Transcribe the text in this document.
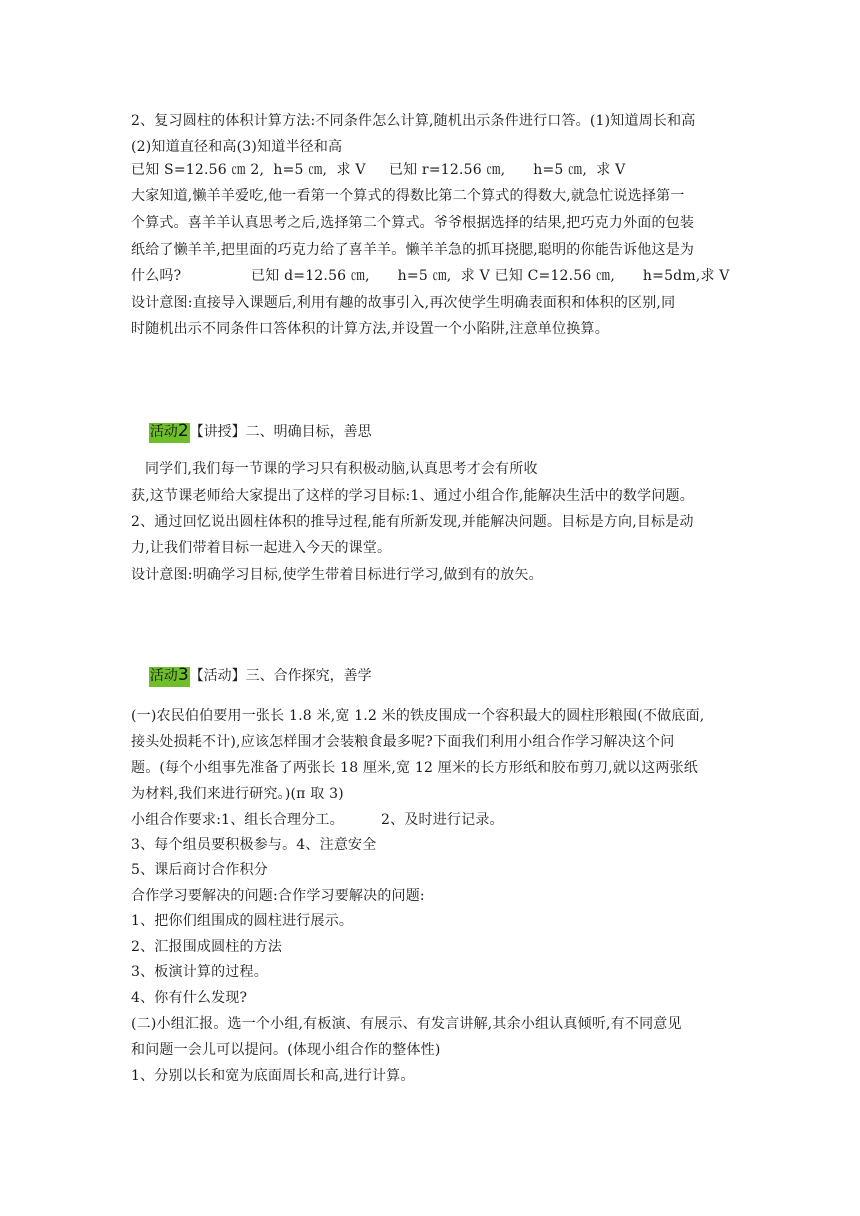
2、复习圆柱的体积计算方法:不同条件怎么计算,随机出示条件进行口答。(1)知道周长和高
(2)知道直径和高(3)知道半径和高
已知 S=12.56 ㎝ 2,  h=5 ㎝,  求 V     已知 r=12.56 ㎝,      h=5 ㎝,  求 V
大家知道,懒羊羊爱吃,他一看第一个算式的得数比第二个算式的得数大,就急忙说选择第一
个算式。喜羊羊认真思考之后,选择第二个算式。爷爷根据选择的结果,把巧克力外面的包装
纸给了懒羊羊,把里面的巧克力给了喜羊羊。懒羊羊急的抓耳挠腮,聪明的你能告诉他这是为
什么吗?               已知 d=12.56 ㎝,      h=5 ㎝,  求 V 已知 C=12.56 ㎝,      h=5dm,求 V
设计意图:直接导入课题后,利用有趣的故事引入,再次使学生明确表面积和体积的区别,同
时随机出示不同条件口答体积的计算方法,并设置一个小陷阱,注意单位换算。

活动2【讲授】二、明确目标，善思

同学们,我们每一节课的学习只有积极动脑,认真思考才会有所收
获,这节课老师给大家提出了这样的学习目标:1、通过小组合作,能解决生活中的数学问题。
2、通过回忆说出圆柱体积的推导过程,能有所新发现,并能解决问题。目标是方向,目标是动
力,让我们带着目标一起进入今天的课堂。
设计意图:明确学习目标,使学生带着目标进行学习,做到有的放矢。

活动3【活动】三、合作探究，善学

(一)农民伯伯要用一张长 1.8 米,宽 1.2 米的铁皮围成一个容积最大的圆柱形粮囤(不做底面,
接头处损耗不计),应该怎样围才会装粮食最多呢?下面我们利用小组合作学习解决这个问
题。(每个小组事先准备了两张长 18 厘米,宽 12 厘米的长方形纸和胶布剪刀,就以这两张纸
为材料,我们来进行研究。)(π 取 3)
小组合作要求:1、组长合理分工。        2、及时进行记录。
3、每个组员要积极参与。4、注意安全
5、课后商讨合作积分
合作学习要解决的问题:合作学习要解决的问题:
1、把你们组围成的圆柱进行展示。
2、汇报围成圆柱的方法
3、板演计算的过程。
4、你有什么发现?
(二)小组汇报。选一个小组,有板演、有展示、有发言讲解,其余小组认真倾听,有不同意见
和问题一会儿可以提问。(体现小组合作的整体性)
1、分别以长和宽为底面周长和高,进行计算。
